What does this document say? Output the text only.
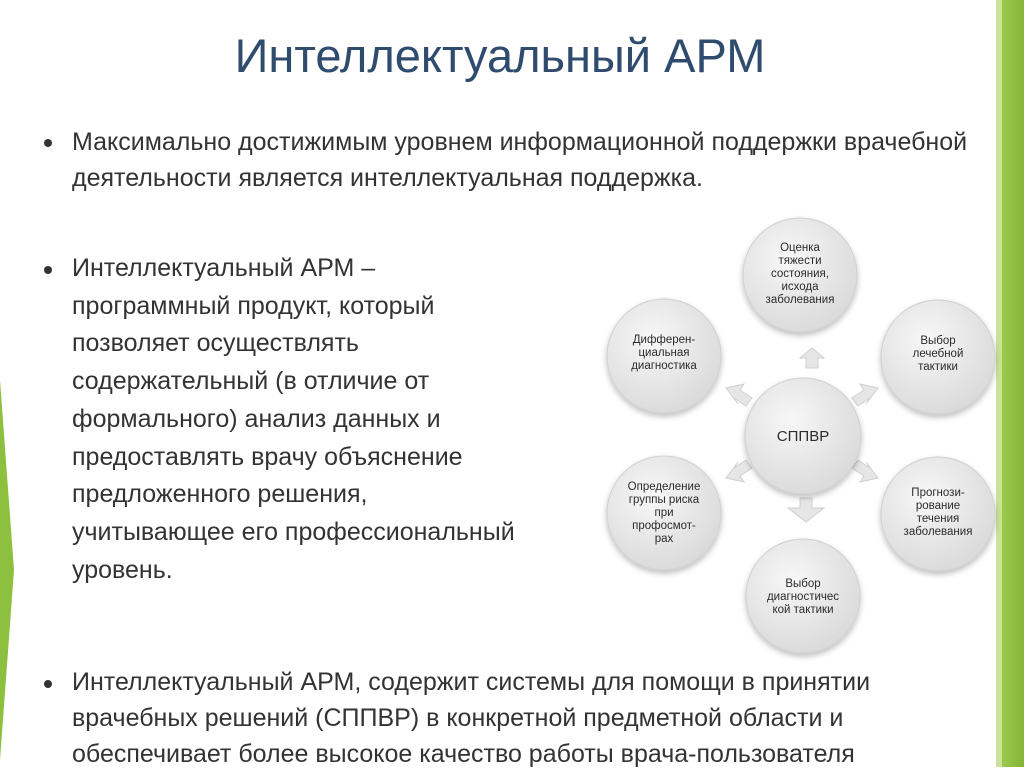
Интеллектуальный АРМ
Максимально достижимым уровнем информационной поддержки врачебной деятельности является интеллектуальная поддержка.
Интеллектуальный АРМ – программный продукт, который позволяет осуществлять содержательный (в отличие от формального) анализ данных и предоставлять врачу объяснение предложенного решения, учитывающее его профессиональный уровень.
Интеллектуальный АРМ, содержит системы для помощи в принятии врачебных решений (СППВР) в конкретной предметной области и обеспечивает более высокое качество работы врача-пользователя
СППВР
Оценка
тяжести
состояния,
исхода
заболевания
Выбор
лечебной
тактики
Прогнози-
рование
течения
заболевания
Выбор
диагностичес
кой тактики
Определение
группы риска
при
профосмот-
рах
Дифферен-
циальная
диагностика
